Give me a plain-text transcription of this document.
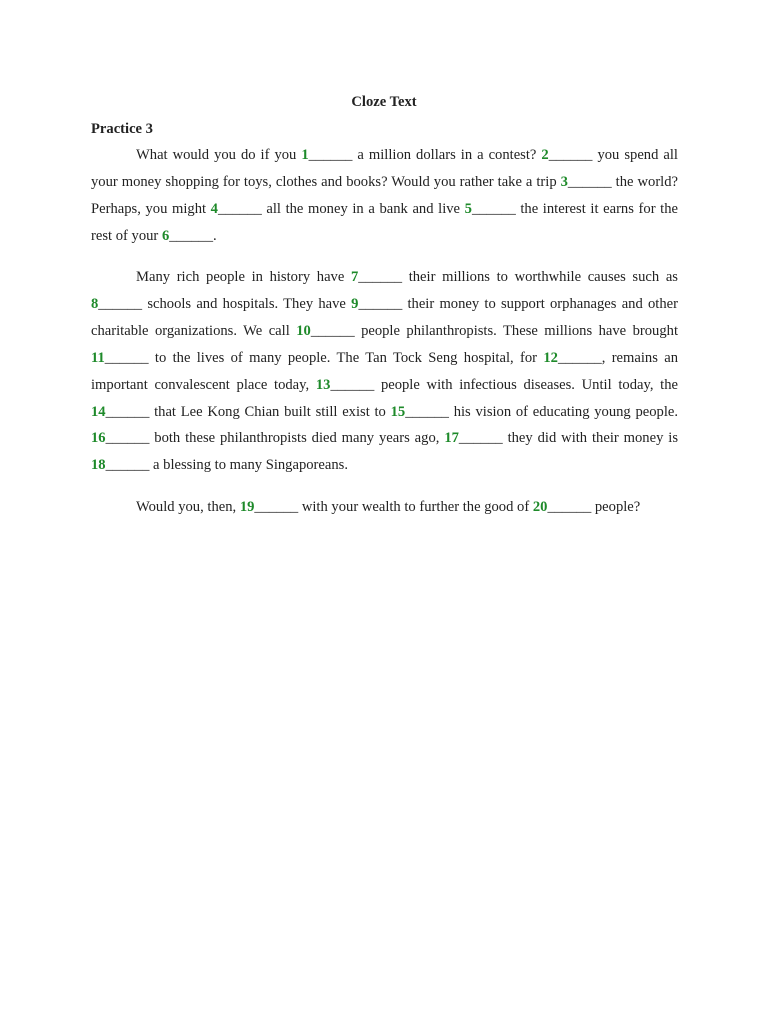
Cloze Text
Practice 3

What would you do if you 1______ a million dollars in a contest? 2______ you spend all your money shopping for toys, clothes and books? Would you rather take a trip 3______ the world? Perhaps, you might 4______ all the money in a bank and live 5______ the interest it earns for the rest of your 6______.

Many rich people in history have 7______ their millions to worthwhile causes such as 8______ schools and hospitals. They have 9______ their money to support orphanages and other charitable organizations. We call 10______ people philanthropists. These millions have brought 11______ to the lives of many people. The Tan Tock Seng hospital, for 12______, remains an important convalescent place today, 13______ people with infectious diseases. Until today, the 14______ that Lee Kong Chian built still exist to 15______ his vision of educating young people. 16______ both these philanthropists died many years ago, 17______ they did with their money is 18______ a blessing to many Singaporeans.

Would you, then, 19______ with your wealth to further the good of 20______ people?
